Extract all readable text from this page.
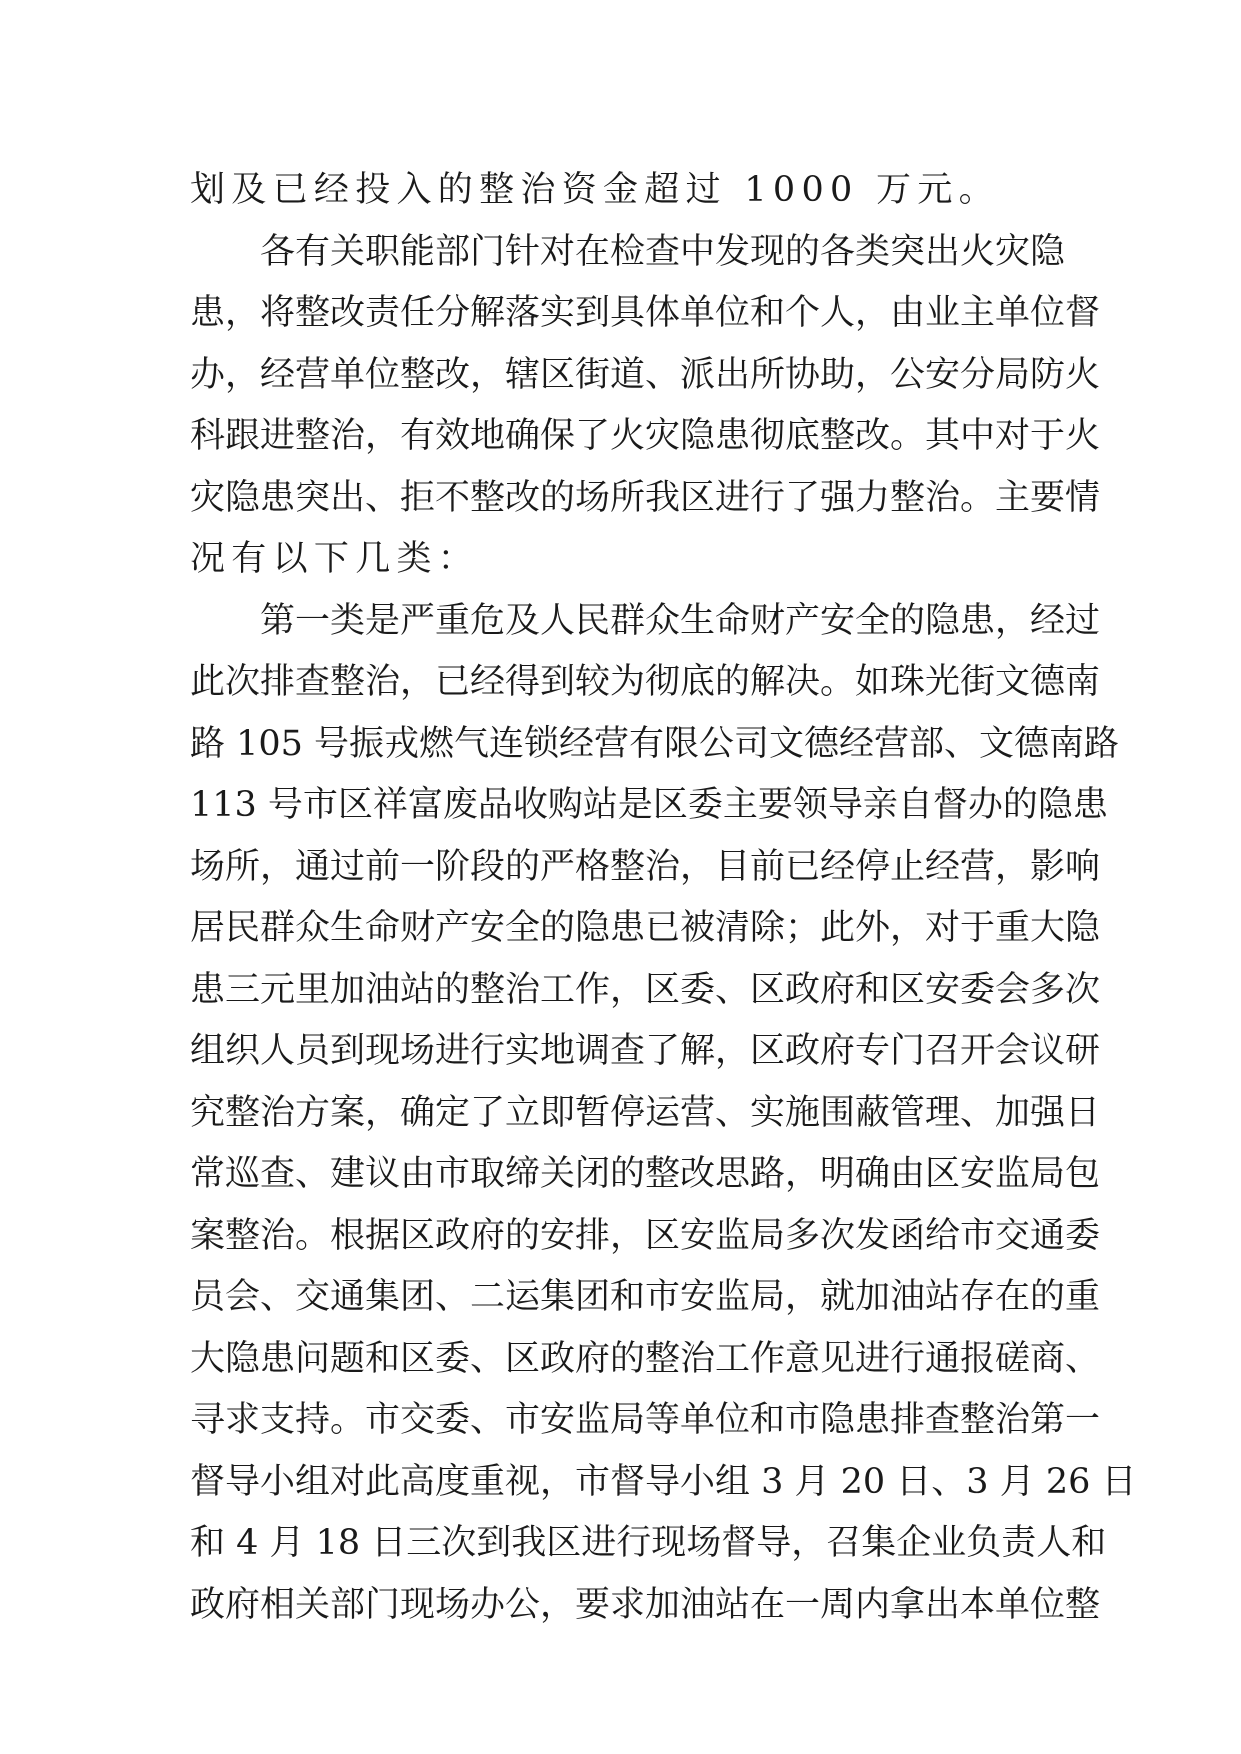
划及已经投入的整治资金超过 1000 万元。
各有关职能部门针对在检查中发现的各类突出火灾隐
患，将整改责任分解落实到具体单位和个人，由业主单位督
办，经营单位整改，辖区街道、派出所协助，公安分局防火
科跟进整治，有效地确保了火灾隐患彻底整改。其中对于火
灾隐患突出、拒不整改的场所我区进行了强力整治。主要情
况有以下几类：
第一类是严重危及人民群众生命财产安全的隐患，经过
此次排查整治，已经得到较为彻底的解决。如珠光街文德南
路 105 号振戎燃气连锁经营有限公司文德经营部、文德南路
113 号市区祥富废品收购站是区委主要领导亲自督办的隐患
场所，通过前一阶段的严格整治，目前已经停止经营，影响
居民群众生命财产安全的隐患已被清除；此外，对于重大隐
患三元里加油站的整治工作，区委、区政府和区安委会多次
组织人员到现场进行实地调查了解，区政府专门召开会议研
究整治方案，确定了立即暂停运营、实施围蔽管理、加强日
常巡查、建议由市取缔关闭的整改思路，明确由区安监局包
案整治。根据区政府的安排，区安监局多次发函给市交通委
员会、交通集团、二运集团和市安监局，就加油站存在的重
大隐患问题和区委、区政府的整治工作意见进行通报磋商、
寻求支持。市交委、市安监局等单位和市隐患排查整治第一
督导小组对此高度重视，市督导小组 3 月 20 日、3 月 26 日
和 4 月 18 日三次到我区进行现场督导，召集企业负责人和
政府相关部门现场办公，要求加油站在一周内拿出本单位整
